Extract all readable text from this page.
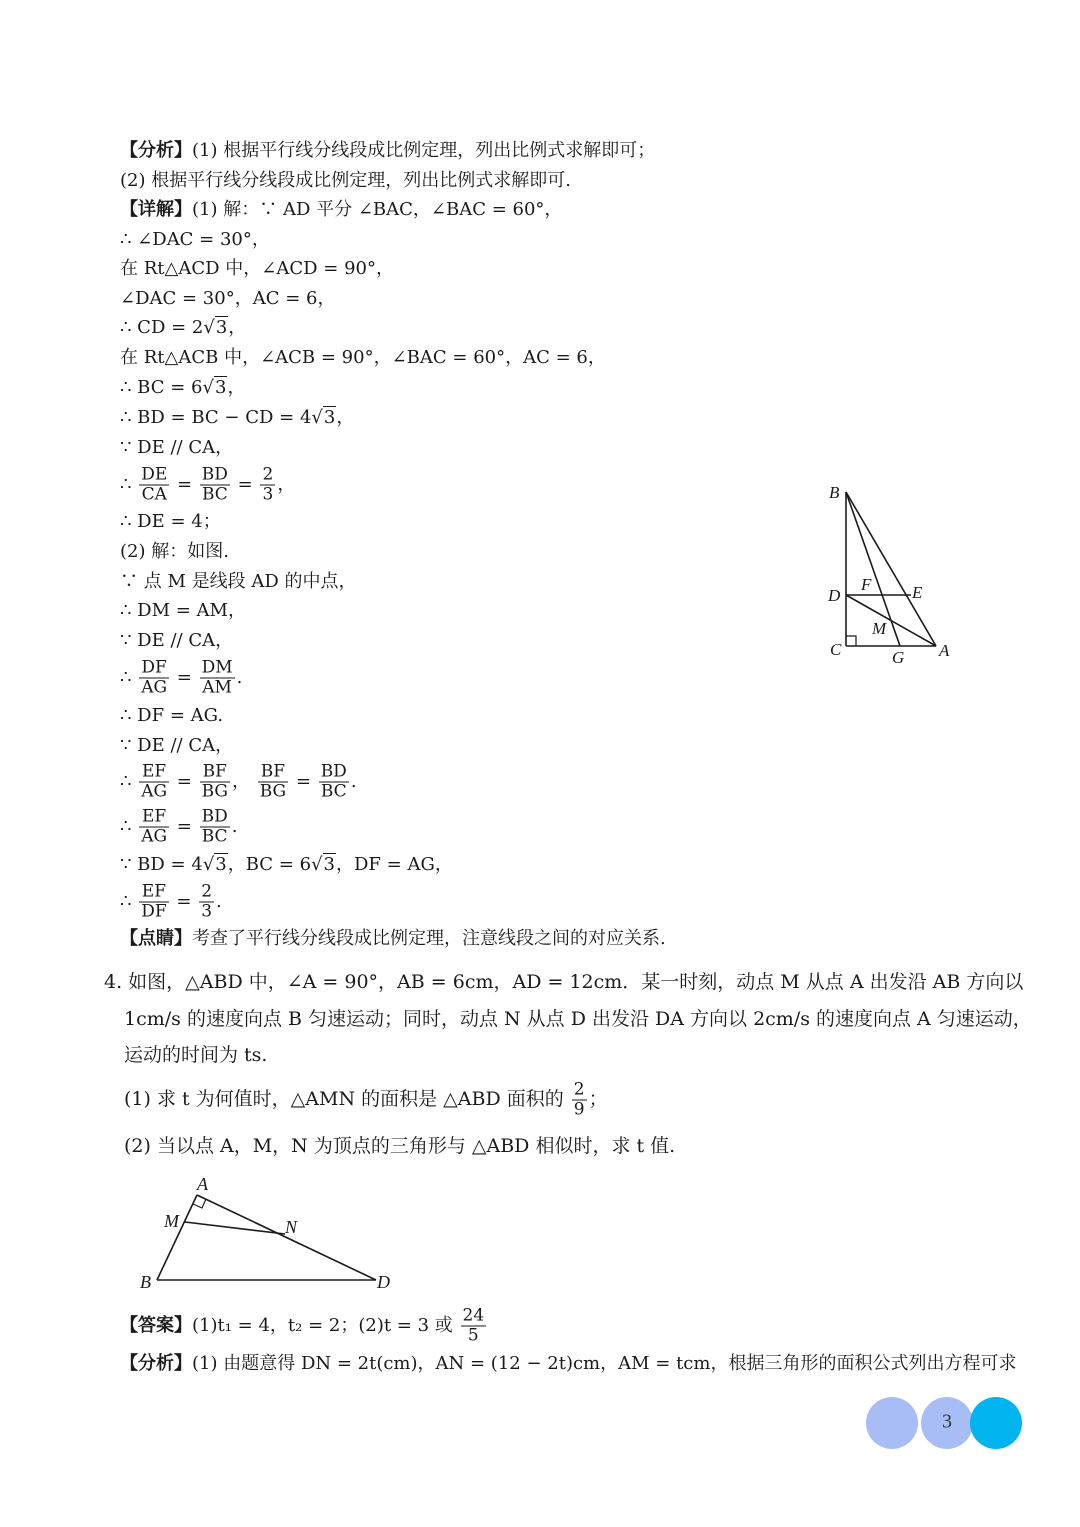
【分析】(1) 根据平行线分线段成比例定理，列出比例式求解即可；
(2) 根据平行线分线段成比例定理，列出比例式求解即可.
【详解】(1) 解：∵ AD 平分 ∠BAC，∠BAC = 60°，
∴ ∠DAC = 30°，
在 Rt△ACD 中，∠ACD = 90°，
∠DAC = 30°，AC = 6，
∴ CD = 2√3，
在 Rt△ACB 中，∠ACB = 90°，∠BAC = 60°，AC = 6，
∴ BC = 6√3，
∴ BD = BC − CD = 4√3，
∵ DE // CA，
∴ $\frac{DE}{CA} = \frac{BD}{BC} = \frac{2}{3}$ ，
∴ DE = 4；
(2) 解：如图.
∵ 点 M 是线段 AD 的中点，
∴ DM = AM，
∵ DE // CA，
∴ $\frac{DF}{AG} = \frac{DM}{AM}$ .
∴ DF = AG.
∵ DE // CA，
∴ $\frac{EF}{AG} = \frac{BF}{BG}$ ， $\frac{BF}{BG} = \frac{BD}{BC}$ .
∴ $\frac{EF}{AG} = \frac{BD}{BC}$ .
∵ BD = 4√3，BC = 6√3，DF = AG，
∴ $\frac{EF}{DF} = \frac{2}{3}$ .
【点睛】考查了平行线分线段成比例定理，注意线段之间的对应关系.
B
D
F E
M
C	G A
4. 如图，△ABD 中，∠A = 90°，AB = 6cm，AD = 12cm．某一时刻，动点 M 从点 A 出发沿 AB 方向以
1cm/s 的速度向点 B 匀速运动；同时，动点 N 从点 D 出发沿 DA 方向以 2cm/s 的速度向点 A 匀速运动，
运动的时间为 ts.
(1) 求 t 为何值时，△AMN 的面积是 △ABD 面积的 $\frac{2}{9}$ ；
(2) 当以点 A，M，N 为顶点的三角形与 △ABD 相似时，求 t 值.
A
M	N
B	D
【答案】(1)t₁ = 4，t₂ = 2；(2)t = 3 或 $\frac{24}{5}$
【分析】(1) 由题意得 DN = 2t(cm)，AN = (12 − 2t)cm，AM = tcm，根据三角形的面积公式列出方程可求
3
